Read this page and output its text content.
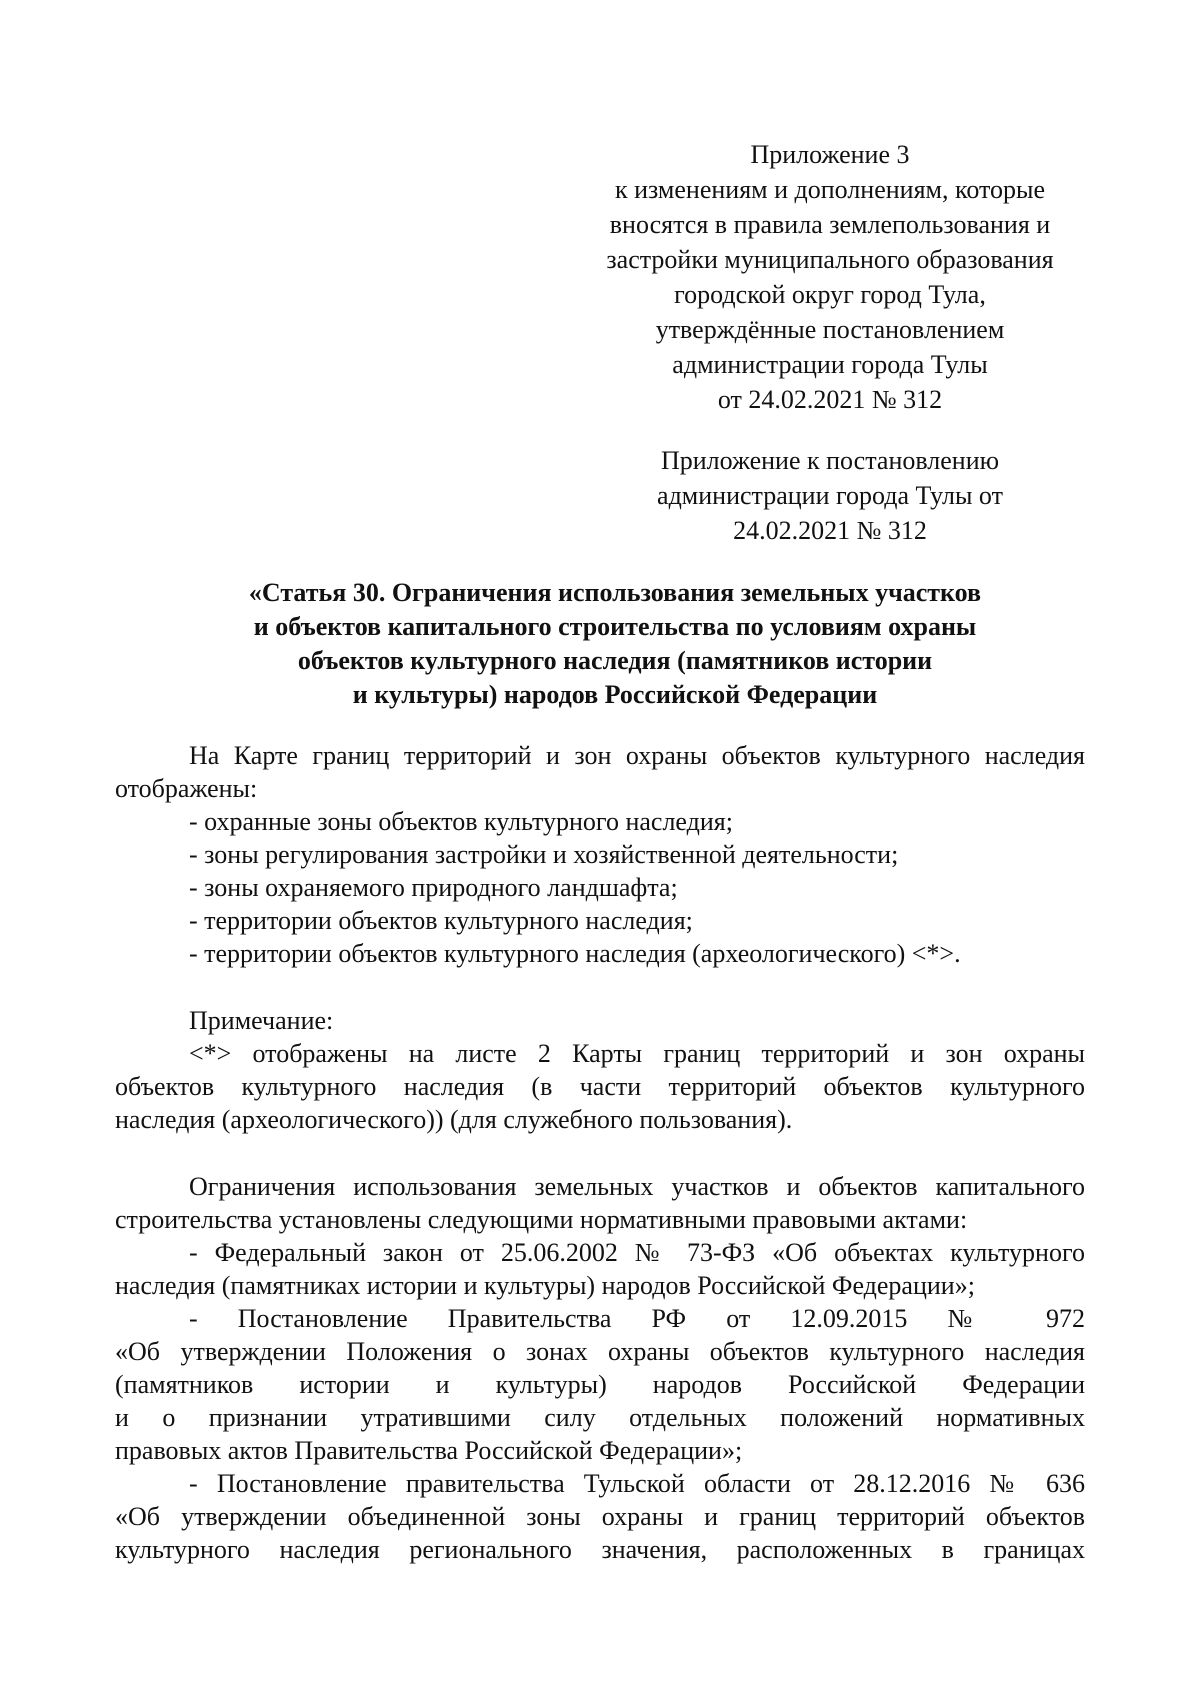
Приложение 3
к изменениям и дополнениям, которые
вносятся в правила землепользования и
застройки муниципального образования
городской округ город Тула,
утверждённые постановлением
администрации города Тулы
от 24.02.2021 № 312
Приложение к постановлению
администрации города Тулы от
24.02.2021 № 312
«Статья 30. Ограничения использования земельных участков
и объектов капитального строительства по условиям охраны
объектов культурного наследия (памятников истории
и культуры) народов Российской Федерации
На Карте границ территорий и зон охраны объектов культурного наследия
отображены:
- охранные зоны объектов культурного наследия;
- зоны регулирования застройки и хозяйственной деятельности;
- зоны охраняемого природного ландшафта;
- территории объектов культурного наследия;
- территории объектов культурного наследия (археологического) <*>.
Примечание:
<*> отображены на листе 2 Карты границ территорий и зон охраны
объектов культурного наследия (в части территорий объектов культурного
наследия (археологического)) (для служебного пользования).
Ограничения использования земельных участков и объектов капитального
строительства установлены следующими нормативными правовыми актами:
- Федеральный закон от 25.06.2002 № 73-ФЗ «Об объектах культурного
наследия (памятниках истории и культуры) народов Российской Федерации»;
- Постановление Правительства РФ от 12.09.2015 № 972
«Об утверждении Положения о зонах охраны объектов культурного наследия
(памятников истории и культуры) народов Российской Федерации
и о признании утратившими силу отдельных положений нормативных
правовых актов Правительства Российской Федерации»;
- Постановление правительства Тульской области от 28.12.2016 № 636
«Об утверждении объединенной зоны охраны и границ территорий объектов
культурного наследия регионального значения, расположенных в границах
